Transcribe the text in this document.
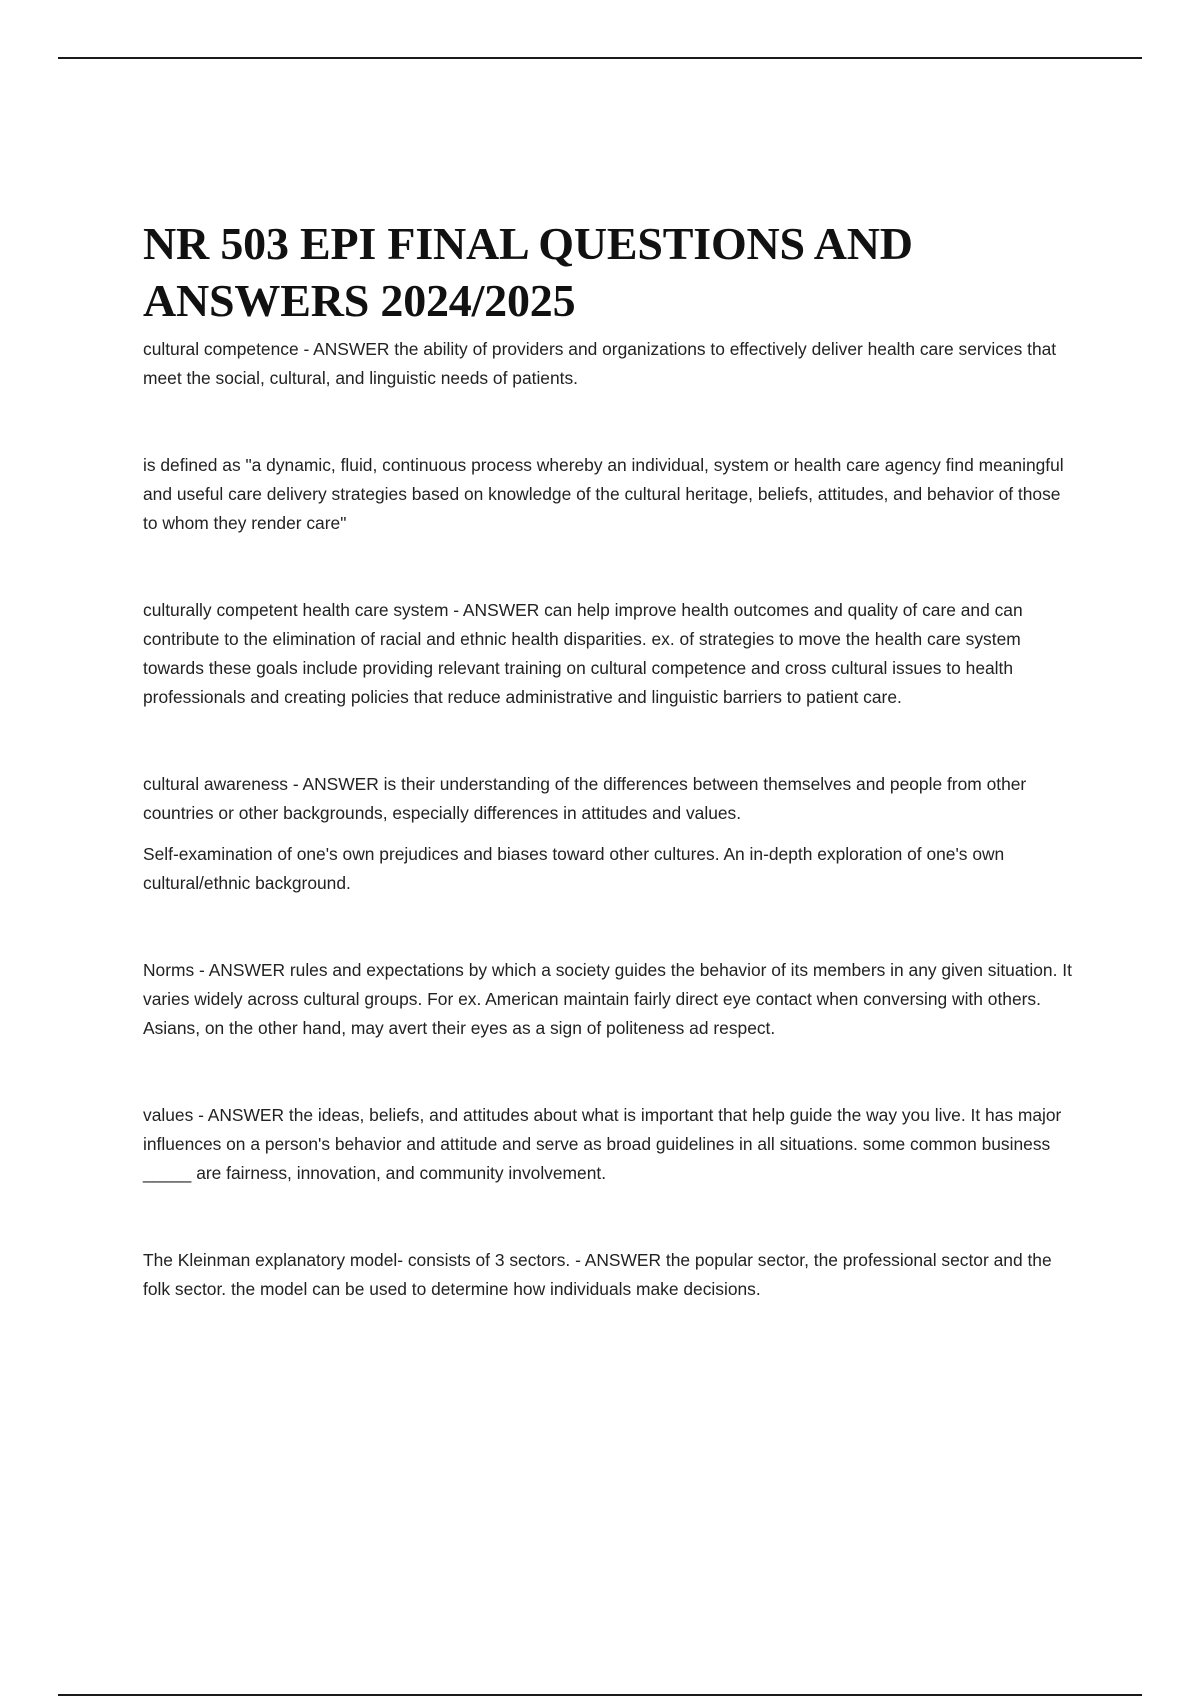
NR 503 EPI FINAL QUESTIONS AND ANSWERS 2024/2025

cultural competence - ANSWER the ability of providers and organizations to effectively deliver health care services that meet the social, cultural, and linguistic needs of patients.

is defined as "a dynamic, fluid, continuous process whereby an individual, system or health care agency find meaningful and useful care delivery strategies based on knowledge of the cultural heritage, beliefs, attitudes, and behavior of those to whom they render care"

culturally competent health care system - ANSWER can help improve health outcomes and quality of care and can contribute to the elimination of racial and ethnic health disparities. ex. of strategies to move the health care system towards these goals include providing relevant training on cultural competence and cross cultural issues to health professionals and creating policies that reduce administrative and linguistic barriers to patient care.

cultural awareness - ANSWER is their understanding of the differences between themselves and people from other countries or other backgrounds, especially differences in attitudes and values.

Self-examination of one's own prejudices and biases toward other cultures. An in-depth exploration of one's own cultural/ethnic background.

Norms - ANSWER rules and expectations by which a society guides the behavior of its members in any given situation. It varies widely across cultural groups. For ex. American maintain fairly direct eye contact when conversing with others. Asians, on the other hand, may avert their eyes as a sign of politeness ad respect.

values - ANSWER the ideas, beliefs, and attitudes about what is important that help guide the way you live. It has major influences on a person's behavior and attitude and serve as broad guidelines in all situations. some common business _____ are fairness, innovation, and community involvement.

The Kleinman explanatory model- consists of 3 sectors. - ANSWER the popular sector, the professional sector and the folk sector. the model can be used to determine how individuals make decisions.
